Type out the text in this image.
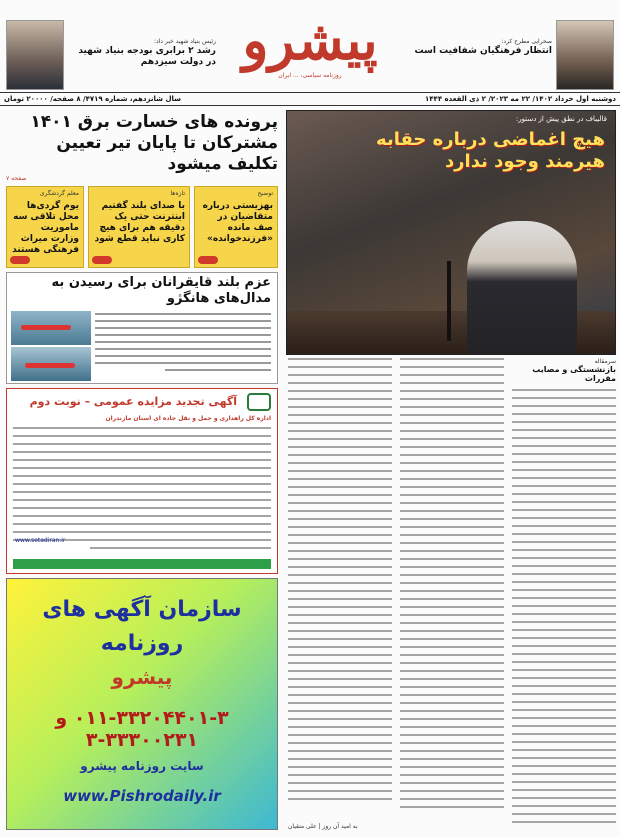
رئیس بنیاد شهید خبر داد:
رشد ۲ برابری بودجه بنیاد شهید در دولت سیزدهم پیشرو
روزنامه سیاسی، ... ایران
صحرایی مطرح کرد:
انتظار فرهنگیان شفافیت است
دوشنبه اول خرداد ۱۴۰۲/ ۲۲ مه ۲۰۲۳/ ۲ ذی القعده ۱۴۴۴
سال شانزدهم، شماره ۴۷۱۹/ ۸ صفحه/ ۲۰۰۰۰ تومان
قالیباف در نطق پیش از دستور:
هیچ اغماضی درباره حقابه هیرمند وجود ندارد
پرونده های خسارت برق ۱۴۰۱ مشترکان تا پایان تیر تعیین تکلیف میشود
صفحه ۷
معلم گردشگری
یوم گردی‌ها محل تلاقی سه ماموریت وزارت میراث فرهنگی هستند
تازه‌ها
با صدای بلند گفتیم اینترنت حتی یک دقیقه هم برای هیچ کاری نباید قطع شود
توضیح
بهزیستی درباره متقاضیان در صف مانده «فرزندخوانده»
عزم بلند قایقرانان برای رسیدن به مدال‌های هانگژو
آگهی تجدید مزایده عمومی – نوبت دوم
اداره کل راهداری و حمل و نقل جاده ای استان مازندران
www.setadiran.ir
سازمان آگهی های
روزنامه
پیشرو
۰۱۱-۳۳۲۰۴۴۰۱-۳ و ۳۳۳۰۰۲۳۱-۳
سایت روزنامه پیشرو
www.Pishrodaily.ir
سرمقاله
بازنشستگی و مصایب مقررات
به امید آن روز | علی متقیان
